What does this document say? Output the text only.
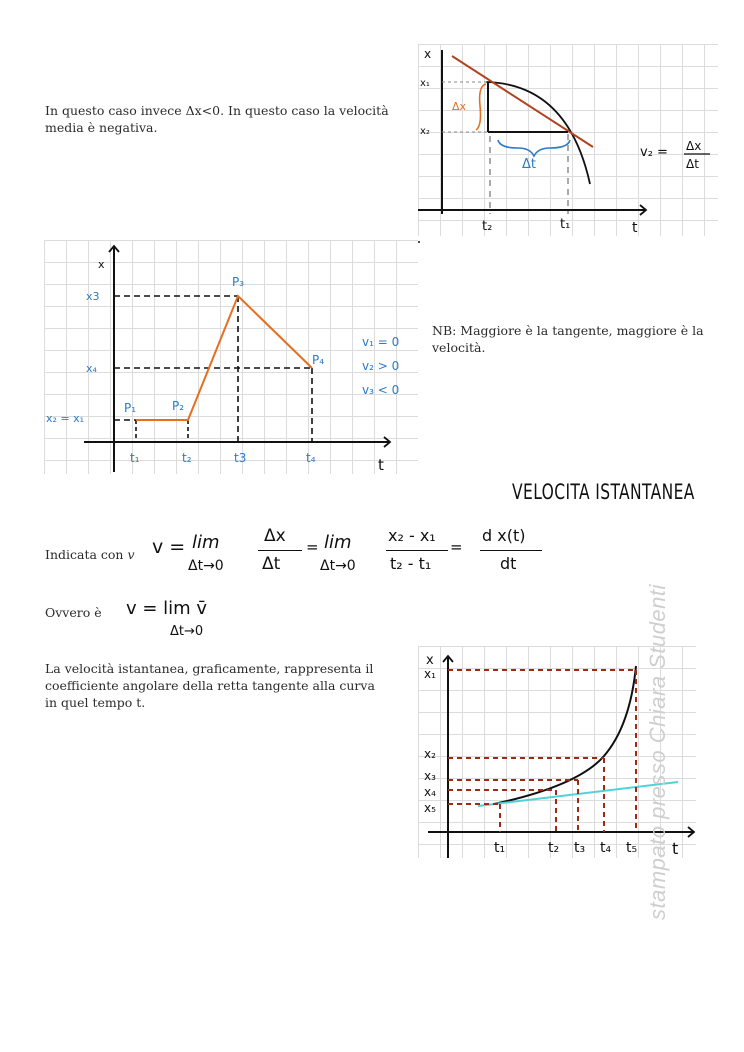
In questo caso invece Δx<0. In questo caso la velocità media è negativa.
x
x₁
x₂
Δx
Δt
t₂	t₁	t
v₂ = Δx
Δt
x
x3
x₄
x₂ = x₁
P₁	P₂
P₃
P₄
t₁	t₂	t3	t₄	t
v₁ = 0
v₂ > 0
v₃ < 0
NB: Maggiore è la tangente, maggiore è la velocità.
VELOCITA ISTANTANEA
Indicata con v v = lim
Δt→0
Δx
Δt
= lim
Δt→0
x₂ - x₁
t₂ - t₁
=
d x(t)
dt
Ovvero è v = lim v̄
Δt→0
La velocità istantanea, graficamente, rappresenta il coefficiente angolare della retta tangente alla curva in quel tempo t.
x
x₁
x₂
x₃
x₄
x₅
t₁	t₂ t₃ t₄ t₅ t
stampato presso Chiara Studenti
